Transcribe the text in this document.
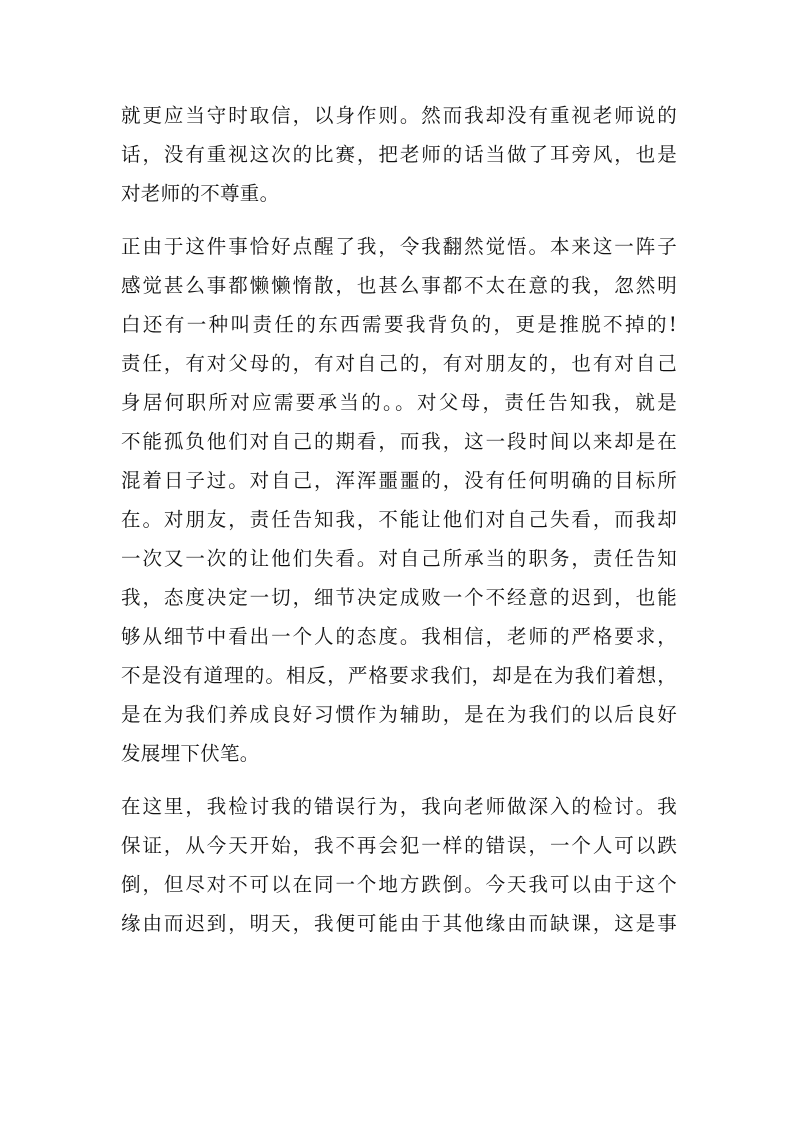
就更应当守时取信，以身作则。然而我却没有重视老师说的
话，没有重视这次的比赛，把老师的话当做了耳旁风，也是
对老师的不尊重。

正由于这件事恰好点醒了我，令我翻然觉悟。本来这一阵子
感觉甚么事都懒懒惰散，也甚么事都不太在意的我，忽然明
白还有一种叫责任的东西需要我背负的，更是推脱不掉的!
责任，有对父母的，有对自己的，有对朋友的，也有对自己
身居何职所对应需要承当的。。对父母，责任告知我，就是
不能孤负他们对自己的期看，而我，这一段时间以来却是在
混着日子过。对自己，浑浑噩噩的，没有任何明确的目标所
在。对朋友，责任告知我，不能让他们对自己失看，而我却
一次又一次的让他们失看。对自己所承当的职务，责任告知
我，态度决定一切，细节决定成败一个不经意的迟到，也能
够从细节中看出一个人的态度。我相信，老师的严格要求，
不是没有道理的。相反，严格要求我们，却是在为我们着想，
是在为我们养成良好习惯作为辅助，是在为我们的以后良好
发展埋下伏笔。

在这里，我检讨我的错误行为，我向老师做深入的检讨。我
保证，从今天开始，我不再会犯一样的错误，一个人可以跌
倒，但尽对不可以在同一个地方跌倒。今天我可以由于这个
缘由而迟到，明天，我便可能由于其他缘由而缺课，这是事
